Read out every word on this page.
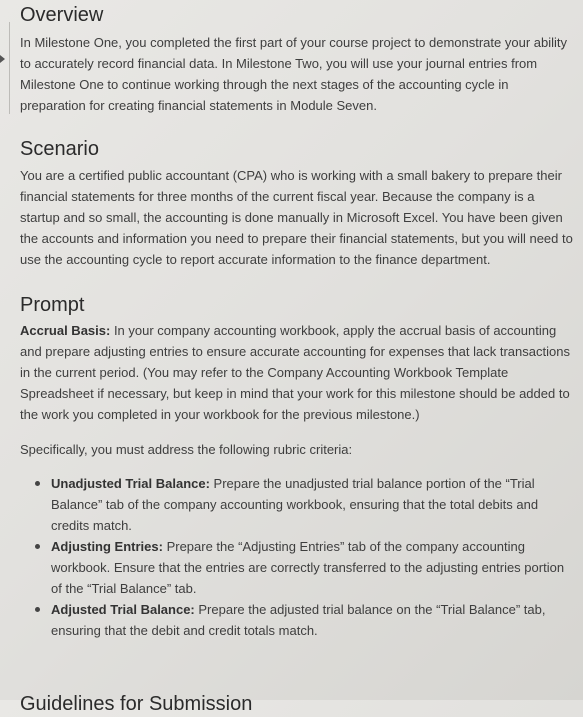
Overview

In Milestone One, you completed the first part of your course project to demonstrate your ability to accurately record financial data. In Milestone Two, you will use your journal entries from Milestone One to continue working through the next stages of the accounting cycle in preparation for creating financial statements in Module Seven.

Scenario

You are a certified public accountant (CPA) who is working with a small bakery to prepare their financial statements for three months of the current fiscal year. Because the company is a startup and so small, the accounting is done manually in Microsoft Excel. You have been given the accounts and information you need to prepare their financial statements, but you will need to use the accounting cycle to report accurate information to the finance department.

Prompt

Accrual Basis: In your company accounting workbook, apply the accrual basis of accounting and prepare adjusting entries to ensure accurate accounting for expenses that lack transactions in the current period. (You may refer to the Company Accounting Workbook Template Spreadsheet if necessary, but keep in mind that your work for this milestone should be added to the work you completed in your workbook for the previous milestone.)

Specifically, you must address the following rubric criteria:

Unadjusted Trial Balance: Prepare the unadjusted trial balance portion of the “Trial Balance” tab of the company accounting workbook, ensuring that the total debits and credits match.
Adjusting Entries: Prepare the “Adjusting Entries” tab of the company accounting workbook. Ensure that the entries are correctly transferred to the adjusting entries portion of the “Trial Balance” tab.
Adjusted Trial Balance: Prepare the adjusted trial balance on the “Trial Balance” tab, ensuring that the debit and credit totals match.
Guidelines for Submission
